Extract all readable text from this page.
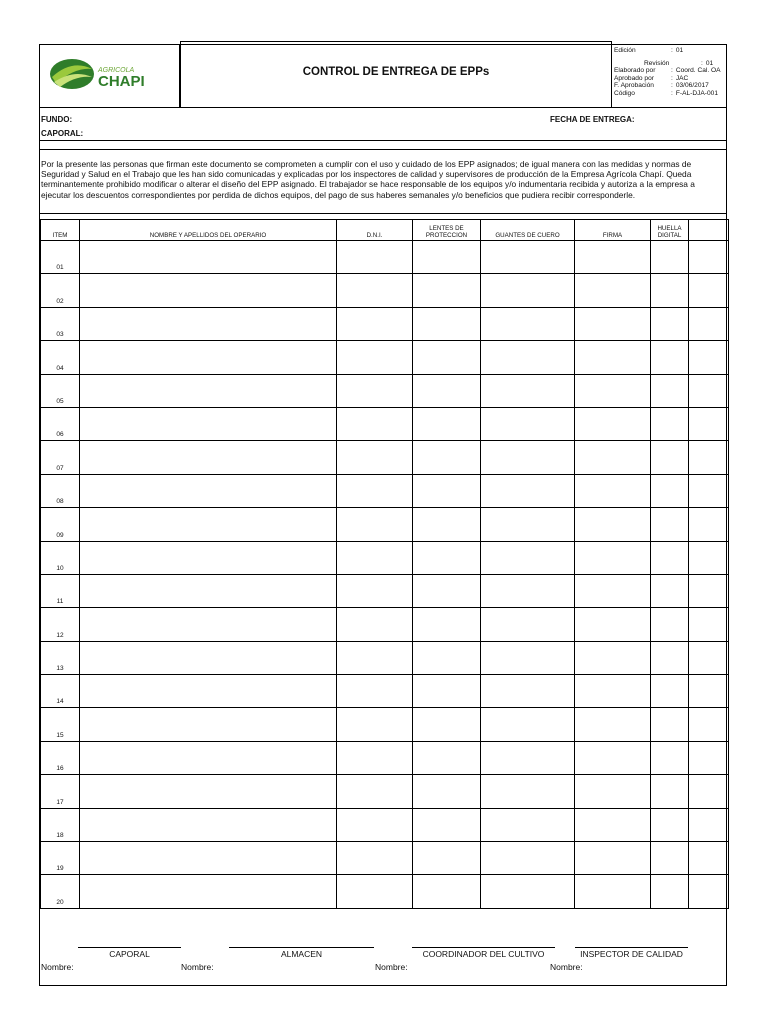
AGRICOLA
CHAPI
CONTROL DE ENTREGA DE EPPs
Edición	: 01
Revisión	: 01
Elaborado por	: Coord. Cal. OA
Aprobado por	: JAC
F. Aprobación	: 03/06/2017
Código	: F-AL-DJA-001
FUNDO:	FECHA DE ENTREGA:
CAPORAL:
Por la presente las personas que firman este documento se comprometen a cumplir con el uso y cuidado de los EPP asignados; de igual manera con las medidas y normas de Seguridad y Salud en el Trabajo que les han sido comunicadas y explicadas por los inspectores de calidad y supervisores de producción de la Empresa Agrícola Chapí. Queda terminantemente prohibido modificar o alterar el diseño del EPP asignado. El trabajador se hace responsable de los equipos y/o indumentaria recibida y autoriza a la empresa a ejecutar los descuentos correspondientes por perdida de dichos equipos, del pago de sus haberes semanales y/o beneficios que pudiera recibir corresponderle.
ITEM	NOMBRE Y APELLIDOS DEL OPERARIO	D.N.I.	LENTES DE PROTECCION	GUANTES DE CUERO	FIRMA	HUELLA DIGITAL	
01							
02							
03							
04							
05							
06							
07							
08							
09							
10							
11							
12							
13							
14							
15							
16							
17							
18							
19							
20							
CAPORAL
Nombre:
ALMACEN
Nombre:
COORDINADOR DEL CULTIVO
Nombre:
INSPECTOR DE CALIDAD
Nombre:
